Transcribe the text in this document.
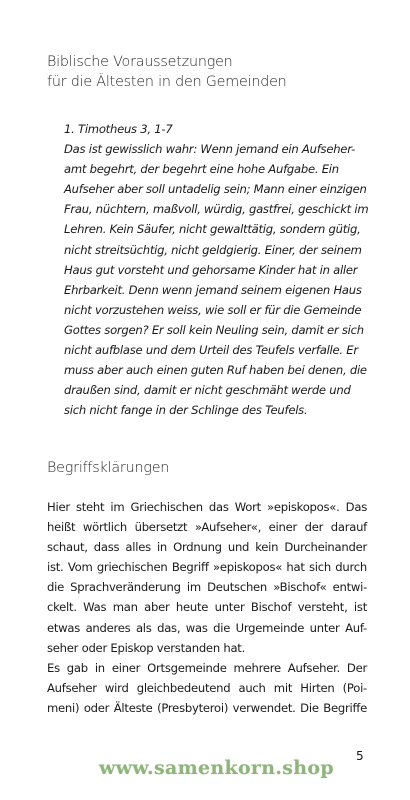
Biblische Voraussetzungen
für die Ältesten in den Gemeinden
1. Timotheus 3, 1-7
Das ist gewisslich wahr: Wenn jemand ein Aufseher-
amt begehrt, der begehrt eine hohe Aufgabe. Ein
Aufseher aber soll untadelig sein; Mann einer einzigen
Frau, nüchtern, maßvoll, würdig, gastfrei, geschickt im
Lehren. Kein Säufer, nicht gewalttätig, sondern gütig,
nicht streitsüchtig, nicht geldgierig. Einer, der seinem
Haus gut vorsteht und gehorsame Kinder hat in aller
Ehrbarkeit. Denn wenn jemand seinem eigenen Haus
nicht vorzustehen weiss, wie soll er für die Gemeinde
Gottes sorgen? Er soll kein Neuling sein, damit er sich
nicht aufblase und dem Urteil des Teufels verfalle. Er
muss aber auch einen guten Ruf haben bei denen, die
draußen sind, damit er nicht geschmäht werde und
sich nicht fange in der Schlinge des Teufels.
Begriffsklärungen
Hier steht im Griechischen das Wort »episkopos«. Das
heißt wörtlich übersetzt »Aufseher«, einer der darauf
schaut, dass alles in Ordnung und kein Durcheinander
ist. Vom griechischen Begriff »episkopos« hat sich durch
die Sprachveränderung im Deutschen »Bischof« entwi-
ckelt. Was man aber heute unter Bischof versteht, ist
etwas anderes als das, was die Urgemeinde unter Auf-
seher oder Episkop verstanden hat.
Es gab in einer Ortsgemeinde mehrere Aufseher. Der
Aufseher wird gleichbedeutend auch mit Hirten (Poi-
meni) oder Älteste (Presbyteroi) verwendet. Die Begriffe
5
www.samenkorn.shop
